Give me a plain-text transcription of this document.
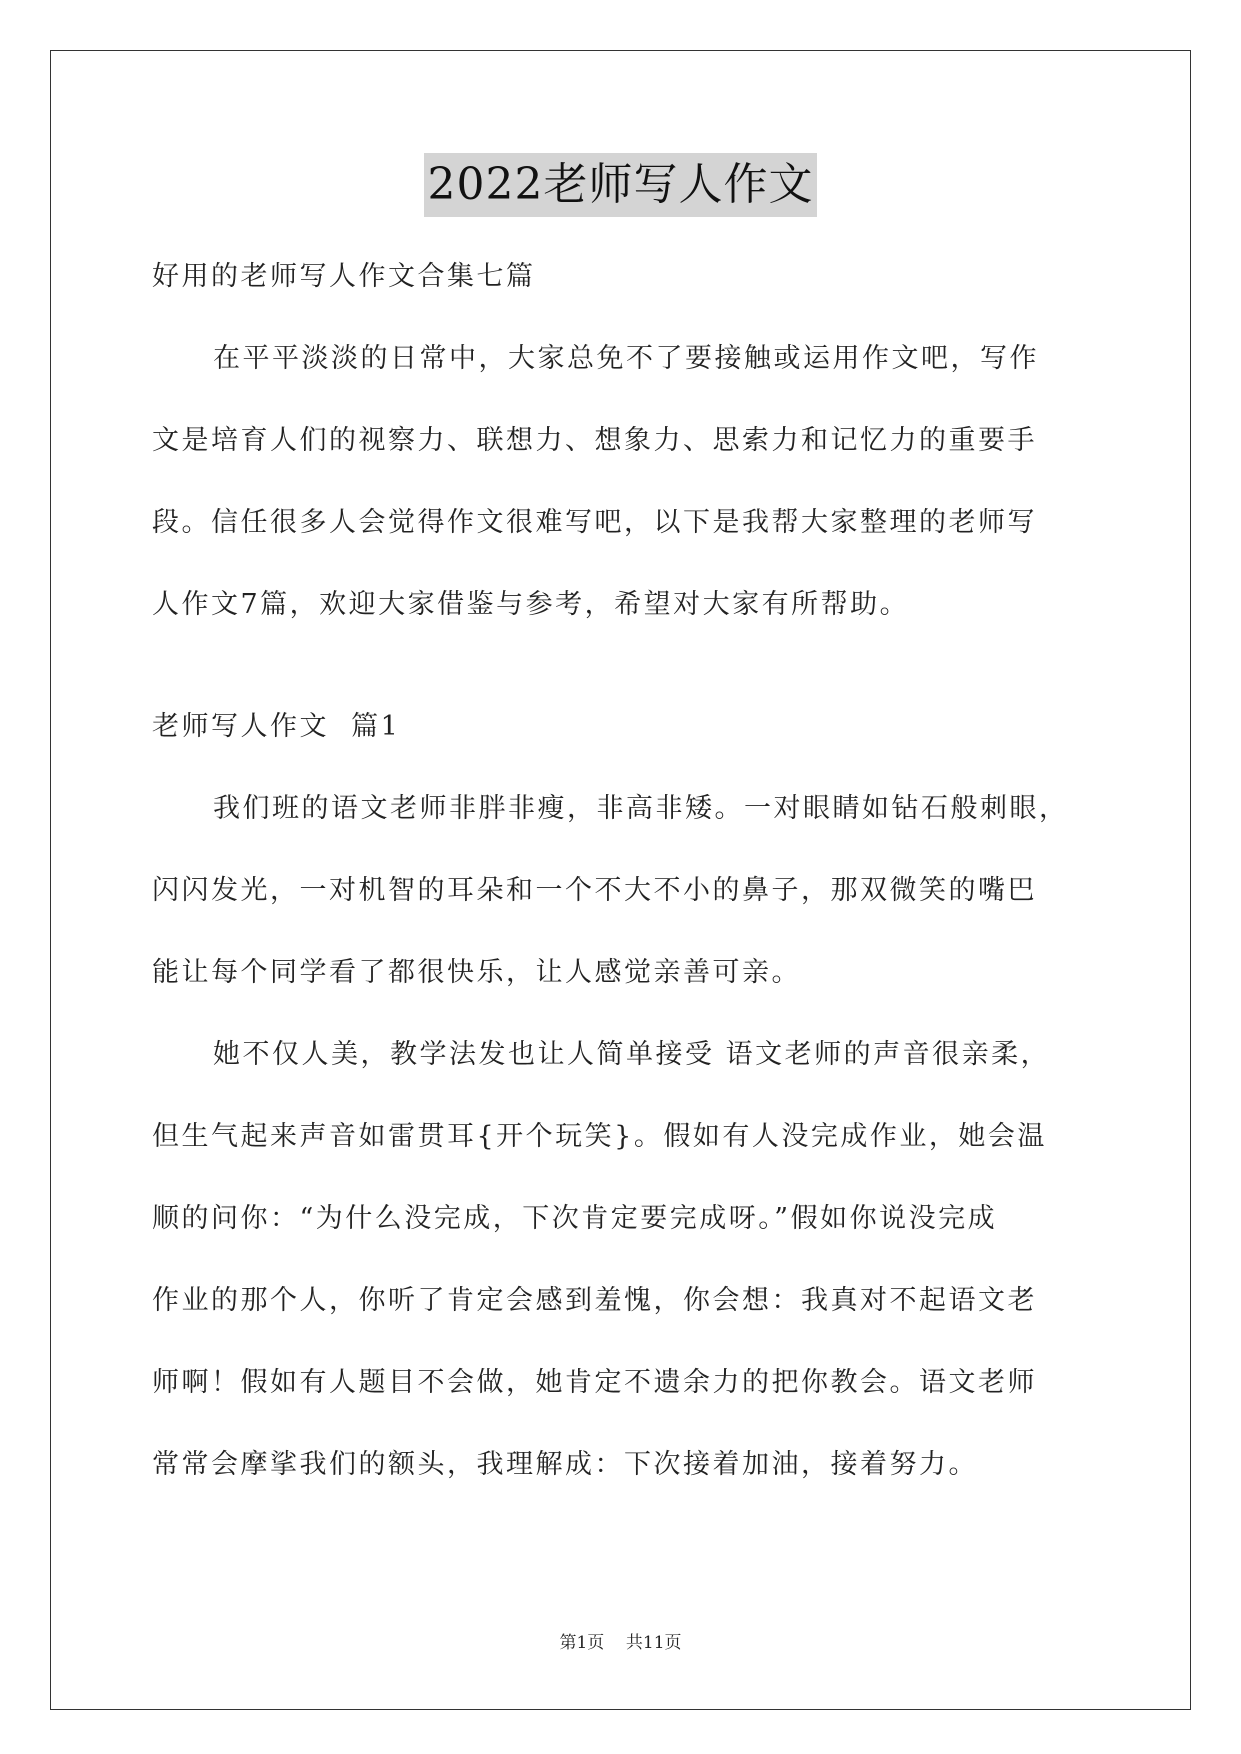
2022老师写人作文

好用的老师写人作文合集七篇

在平平淡淡的日常中，大家总免不了要接触或运用作文吧，写作

文是培育人们的视察力、联想力、想象力、思索力和记忆力的重要手

段。信任很多人会觉得作文很难写吧，以下是我帮大家整理的老师写

人作文7篇，欢迎大家借鉴与参考，希望对大家有所帮助。

老师写人作文  篇1

我们班的语文老师非胖非瘦，非高非矮。一对眼睛如钻石般刺眼，

闪闪发光，一对机智的耳朵和一个不大不小的鼻子，那双微笑的嘴巴

能让每个同学看了都很快乐，让人感觉亲善可亲。

她不仅人美，教学法发也让人简单接受 语文老师的声音很亲柔，

但生气起来声音如雷贯耳{开个玩笑}。假如有人没完成作业，她会温

顺的问你：“为什么没完成，下次肯定要完成呀。”假如你说没完成

作业的那个人，你听了肯定会感到羞愧，你会想：我真对不起语文老

师啊！假如有人题目不会做，她肯定不遗余力的把你教会。语文老师

常常会摩挲我们的额头，我理解成：下次接着加油，接着努力。

第1页    共11页
